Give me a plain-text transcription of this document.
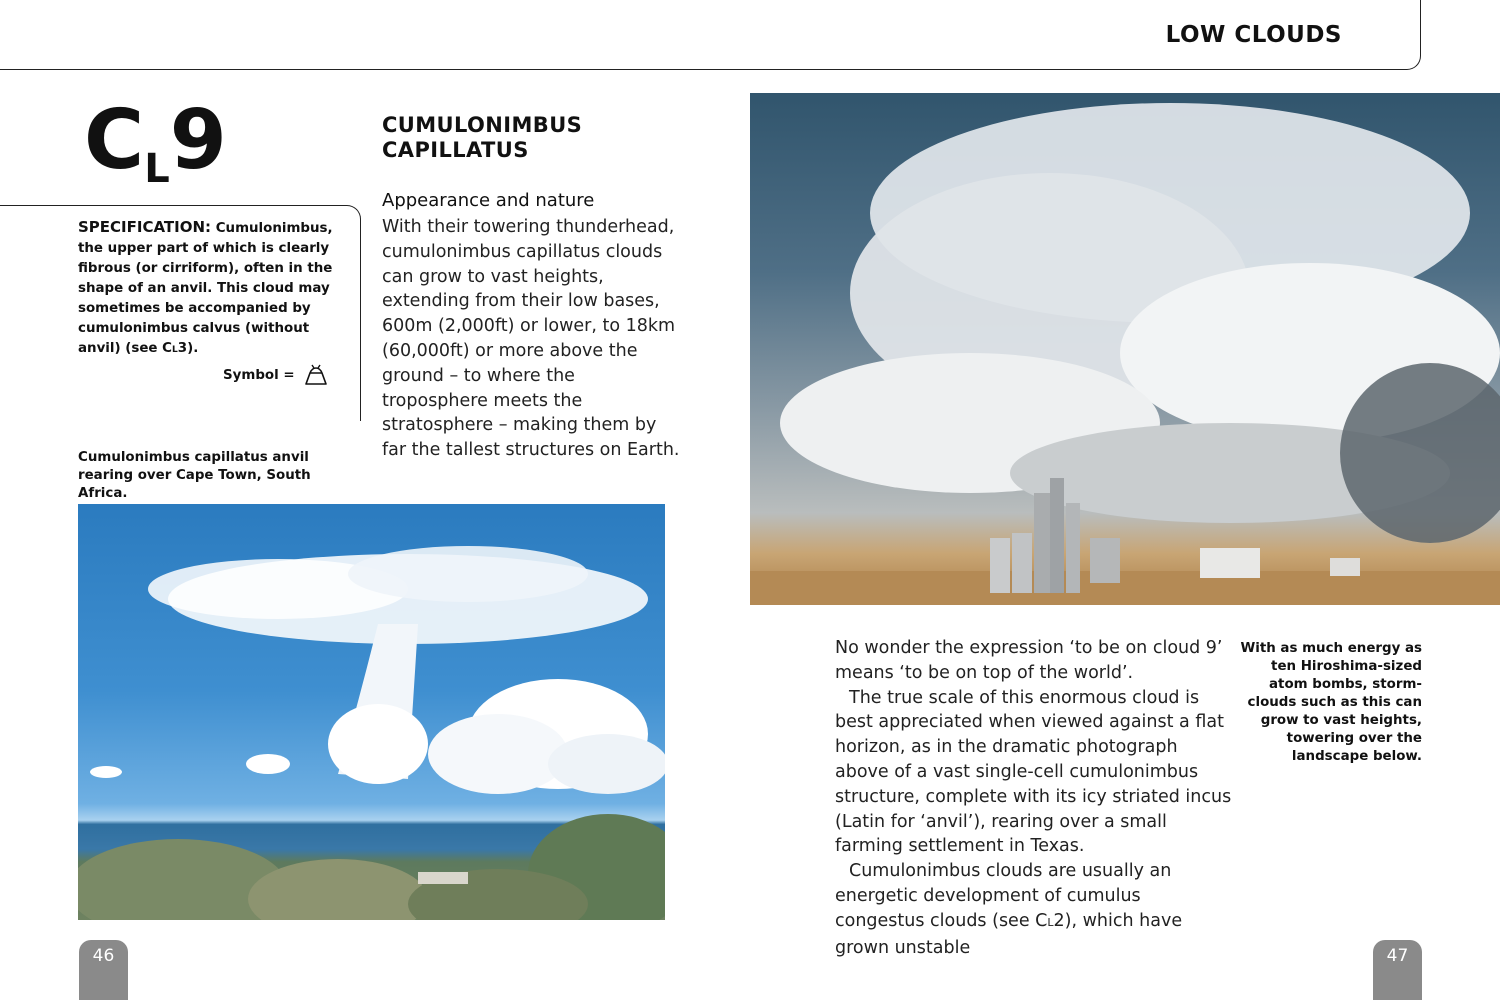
LOW CLOUDS
CL9
SPECIFICATION: Cumulonimbus, the upper part of which is clearly fibrous (or cirriform), often in the shape of an anvil. This cloud may sometimes be accompanied by cumulonimbus calvus (without anvil) (see CL3).
Symbol =
CUMULONIMBUS
CAPILLATUS
Appearance and nature
With their towering thunderhead, cumulonimbus capillatus clouds can grow to vast heights, extending from their low bases, 600m (2,000ft) or lower, to 18km (60,000ft) or more above the ground – to where the troposphere meets the stratosphere – making them by far the tallest structures on Earth.
Cumulonimbus capillatus anvil rearing over Cape Town, South Africa.

No wonder the expression ‘to be on cloud 9’ means ‘to be on top of the world’.

The true scale of this enormous cloud is best appreciated when viewed against a flat horizon, as in the dramatic photograph above of a vast single-cell cumulonimbus structure, complete with its icy striated incus (Latin for ‘anvil’), rearing over a small farming settlement in Texas.

Cumulonimbus clouds are usually an energetic development of cumulus congestus clouds (see CL2), which have grown unstable

With as much energy as ten Hiroshima-sized atom bombs, storm-clouds such as this can grow to vast heights, towering over the landscape below.
46	47
